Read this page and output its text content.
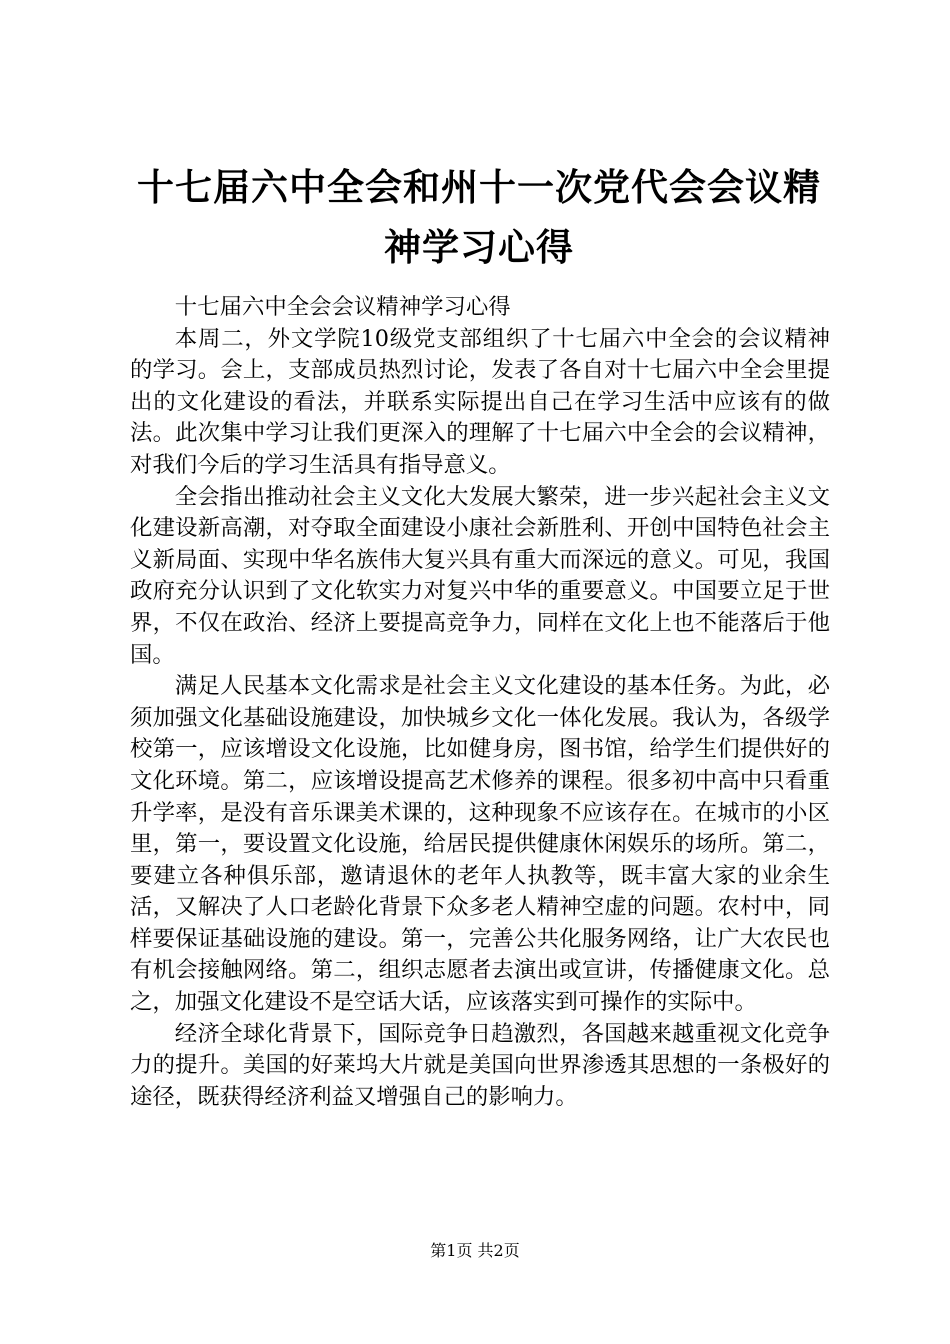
十七届六中全会和州十一次党代会会议精神学习心得

十七届六中全会会议精神学习心得

本周二，外文学院10级党支部组织了十七届六中全会的会议精神的学习。会上，支部成员热烈讨论，发表了各自对十七届六中全会里提出的文化建设的看法，并联系实际提出自己在学习生活中应该有的做法。此次集中学习让我们更深入的理解了十七届六中全会的会议精神，对我们今后的学习生活具有指导意义。

全会指出推动社会主义文化大发展大繁荣，进一步兴起社会主义文化建设新高潮，对夺取全面建设小康社会新胜利、开创中国特色社会主义新局面、实现中华名族伟大复兴具有重大而深远的意义。可见，我国政府充分认识到了文化软实力对复兴中华的重要意义。中国要立足于世界，不仅在政治、经济上要提高竞争力，同样在文化上也不能落后于他国。

满足人民基本文化需求是社会主义文化建设的基本任务。为此，必须加强文化基础设施建设，加快城乡文化一体化发展。我认为，各级学校第一，应该增设文化设施，比如健身房，图书馆，给学生们提供好的文化环境。第二，应该增设提高艺术修养的课程。很多初中高中只看重升学率，是没有音乐课美术课的，这种现象不应该存在。在城市的小区里，第一，要设置文化设施，给居民提供健康休闲娱乐的场所。第二，要建立各种俱乐部，邀请退休的老年人执教等，既丰富大家的业余生活，又解决了人口老龄化背景下众多老人精神空虚的问题。农村中，同样要保证基础设施的建设。第一，完善公共化服务网络，让广大农民也有机会接触网络。第二，组织志愿者去演出或宣讲，传播健康文化。总之，加强文化建设不是空话大话，应该落实到可操作的实际中。

经济全球化背景下，国际竞争日趋激烈，各国越来越重视文化竞争力的提升。美国的好莱坞大片就是美国向世界渗透其思想的一条极好的途径，既获得经济利益又增强自己的影响力。

第1页 共2页
